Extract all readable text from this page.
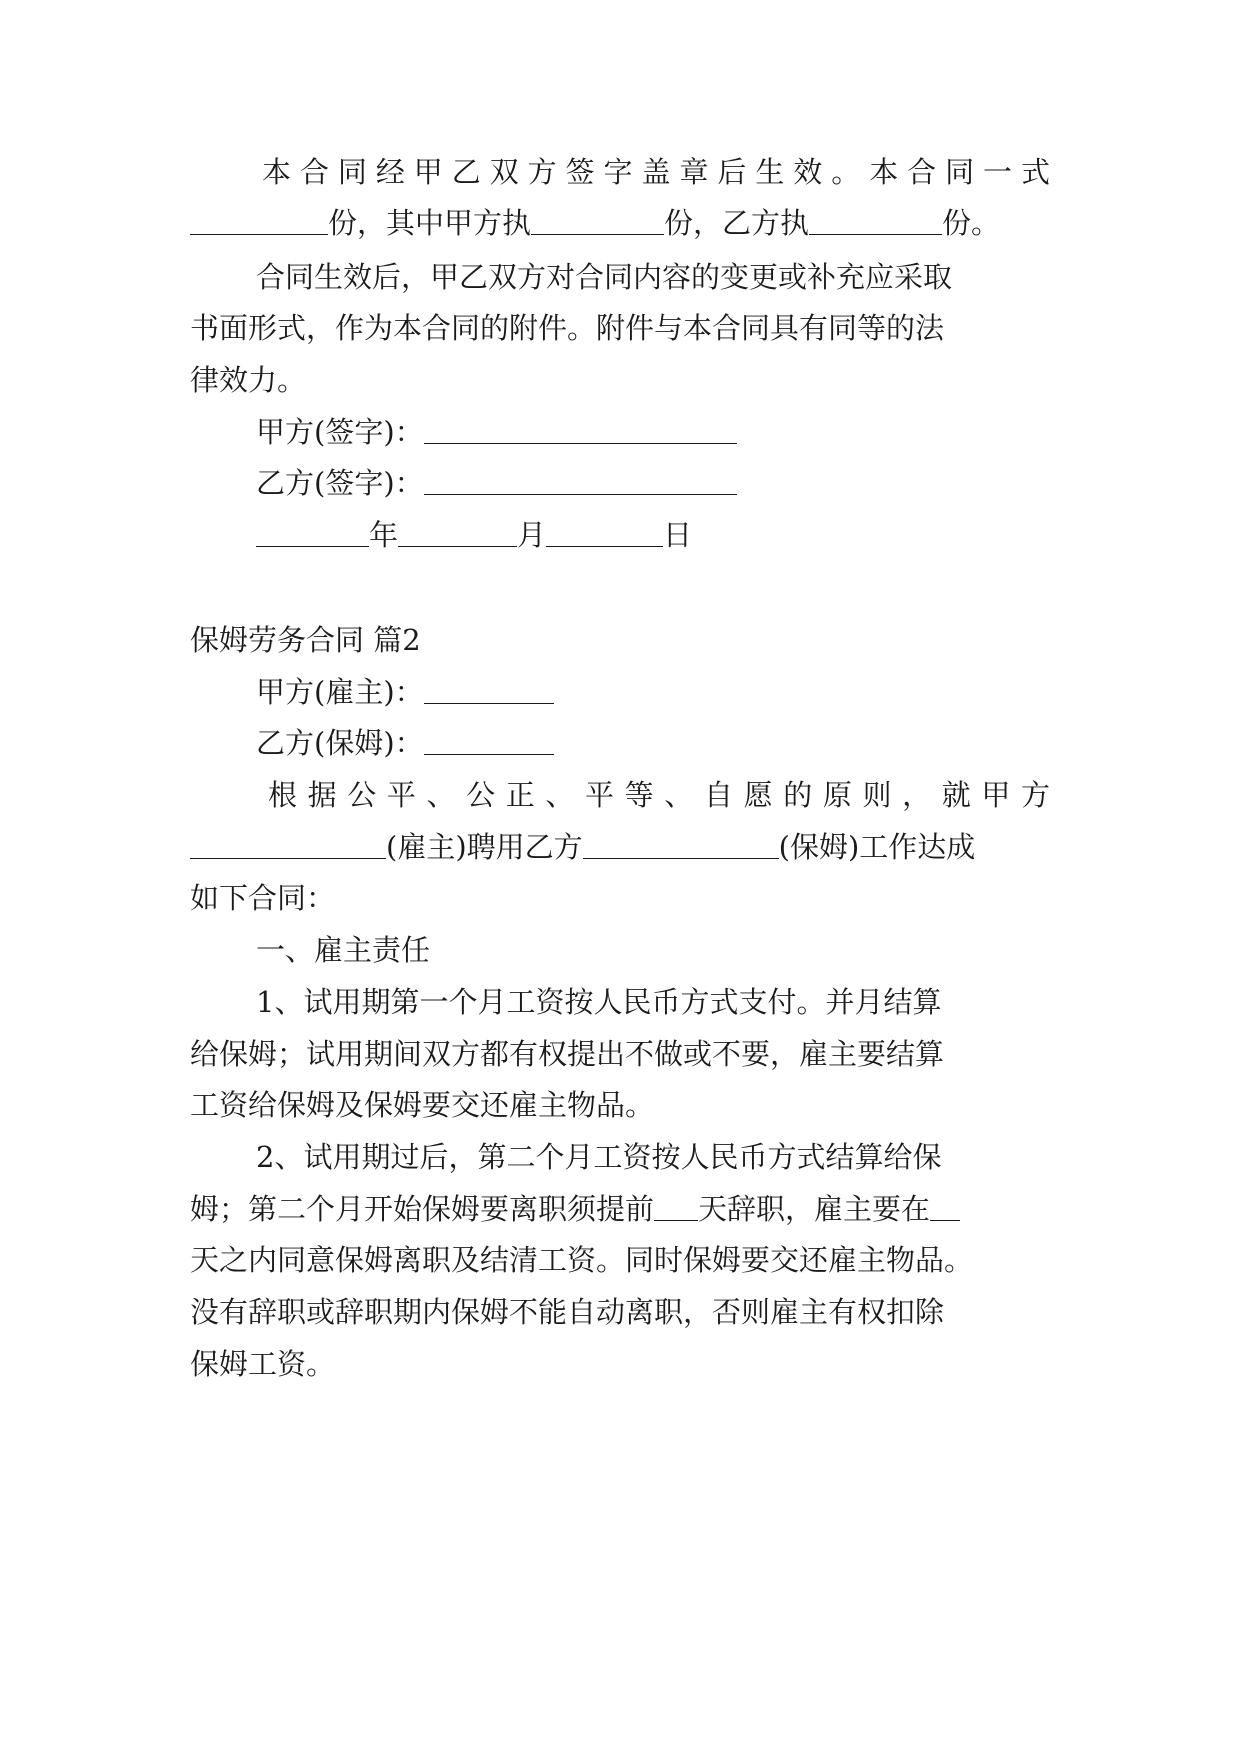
本合同经甲乙双方签字盖章后生效。本合同一式
份，其中甲方执	份，乙方执	份。
合同生效后，甲乙双方对合同内容的变更或补充应采取
书面形式，作为本合同的附件。附件与本合同具有同等的法
律效力。
甲方(签字)：
乙方(签字)：
年	月	日
保姆劳务合同 篇2
甲方(雇主)：
乙方(保姆)：
根据公平、公正、平等、自愿的原则，就甲方
(雇主)聘用乙方	(保姆)工作达成
如下合同：
一、雇主责任
1、试用期第一个月工资按人民币方式支付。并月结算
给保姆；试用期间双方都有权提出不做或不要，雇主要结算
工资给保姆及保姆要交还雇主物品。
2、试用期过后，第二个月工资按人民币方式结算给保
姆；第二个月开始保姆要离职须提前 天辞职，雇主要在
天之内同意保姆离职及结清工资。同时保姆要交还雇主物品。
没有辞职或辞职期内保姆不能自动离职，否则雇主有权扣除
保姆工资。
